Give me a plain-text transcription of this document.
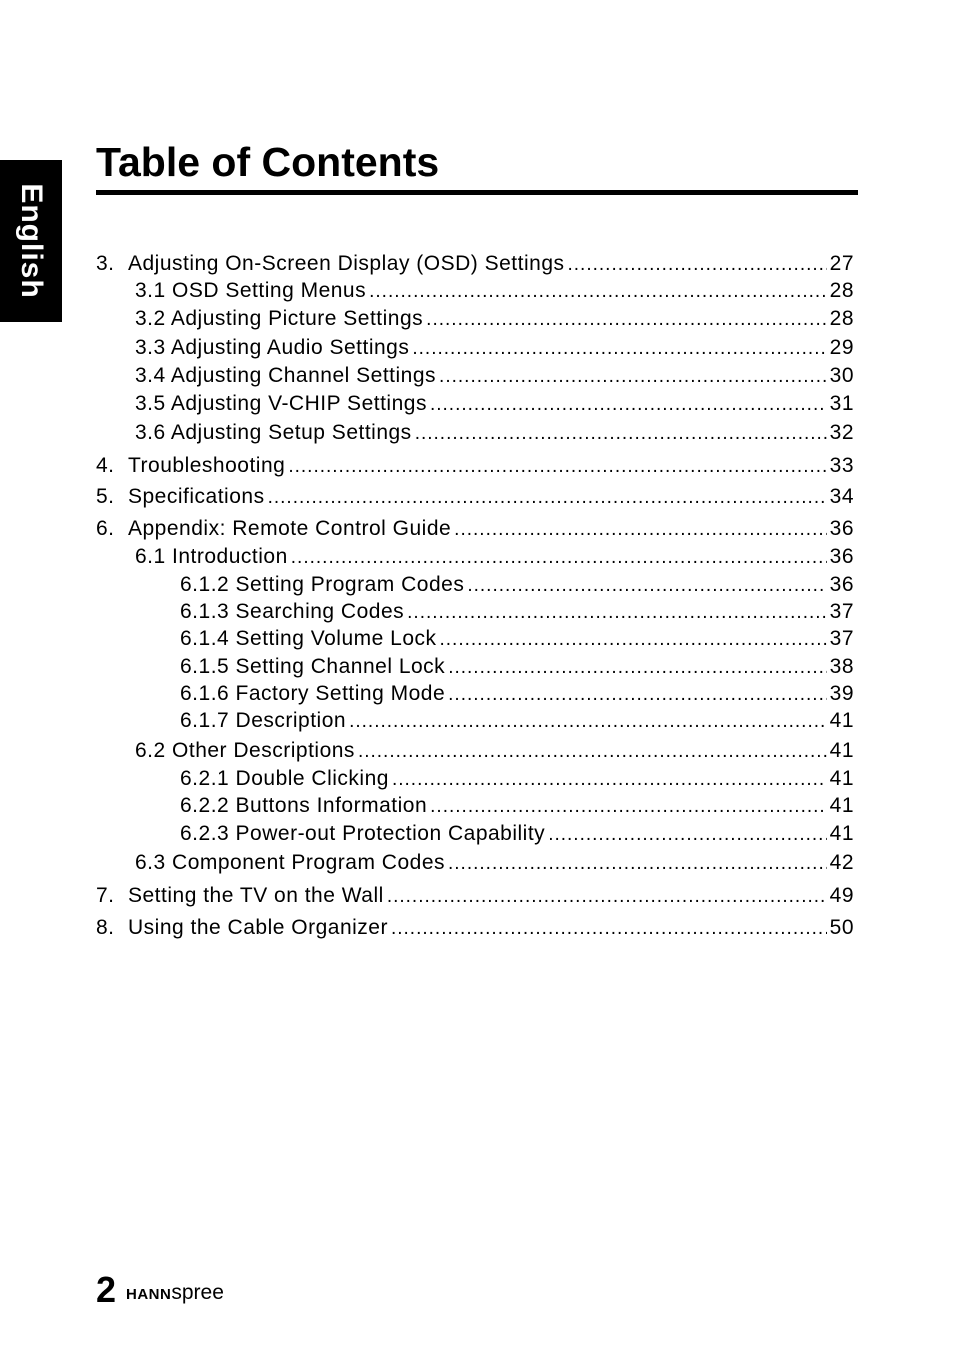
English
Table of Contents
3. Adjusting On-Screen Display (OSD) Settings .....	27
3.1 OSD Setting Menus .....	28
3.2 Adjusting Picture Settings .....	28
3.3 Adjusting Audio Settings .....	29
3.4 Adjusting Channel Settings .....	30
3.5 Adjusting V-CHIP Settings .....	31
3.6 Adjusting Setup Settings .....	32
4. Troubleshooting .....	33
5. Specifications .....	34
6. Appendix: Remote Control Guide .....	36
6.1 Introduction .....	36
6.1.2 Setting Program Codes .....	36
6.1.3 Searching Codes .....	37
6.1.4 Setting Volume Lock .....	37
6.1.5 Setting Channel Lock .....	38
6.1.6 Factory Setting Mode .....	39
6.1.7 Description .....	41
6.2 Other Descriptions .....	41
6.2.1 Double Clicking .....	41
6.2.2 Buttons Information .....	41
6.2.3 Power-out Protection Capability .....	41
6.3 Component Program Codes .....	42
7. Setting the TV on the Wall .....	49
8. Using the Cable Organizer .....	50
2 HANNspree
